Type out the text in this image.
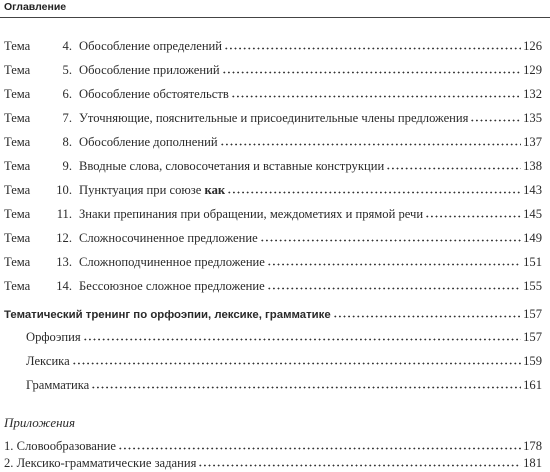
Оглавление
Тема	4. Обособление определений	126
Тема	5. Обособление приложений	129
Тема	6. Обособление обстоятельств	132
Тема	7. Уточняющие, пояснительные и присоединительные члены предложения	135
Тема	8. Обособление дополнений	137
Тема	9. Вводные слова, словосочетания и вставные конструкции	138
Тема	10. Пунктуация при союзе как	143
Тема	11. Знаки препинания при обращении, междометиях и прямой речи	145
Тема	12. Сложносочиненное предложение	149
Тема	13. Сложноподчиненное предложение	151
Тема	14. Бессоюзное сложное предложение	155
Тематический тренинг по орфоэпии, лексике, грамматике	157
Орфоэпия	157
Лексика	159
Грамматика	161
Приложения
1. Словообразование	178
2. Лексико-грамматические задания	181
